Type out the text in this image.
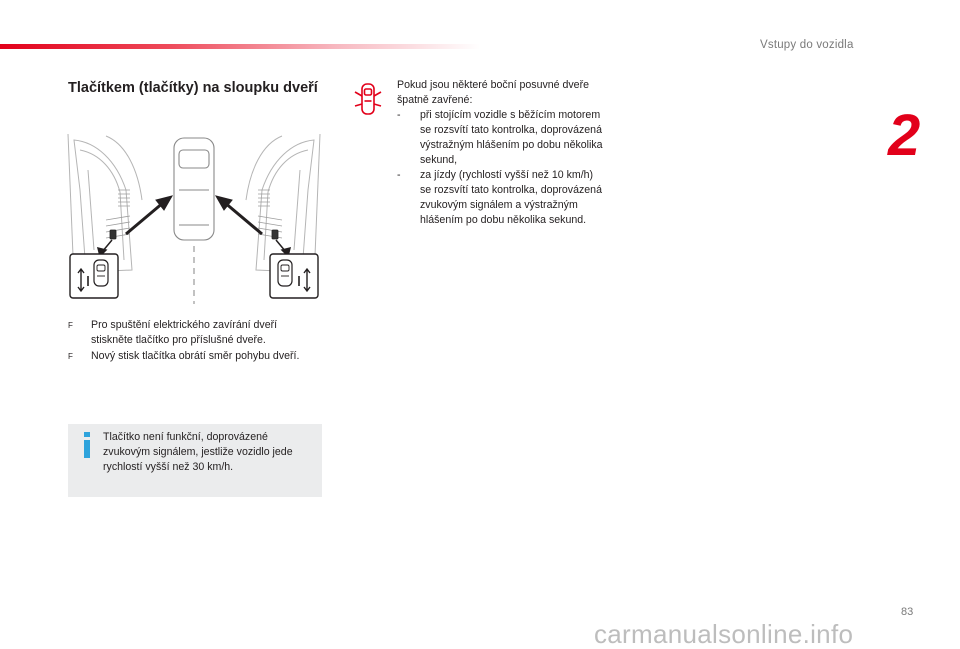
Vstupy do vozidla
2
Tlačítkem (tlačítky) na sloupku dveří
F Pro spuštění elektrického zavírání dveří stiskněte tlačítko pro příslušné dveře.
F Nový stisk tlačítka obrátí směr pohybu dveří.
Tlačítko není funkční, doprovázené zvukovým signálem, jestliže vozidlo jede rychlostí vyšší než 30 km/h.
Pokud jsou některé boční posuvné dveře špatně zavřené:
- při stojícím vozidle s běžícím motorem se rozsvítí tato kontrolka, doprovázená výstražným hlášením po dobu několika sekund,
- za jízdy (rychlostí vyšší než 10 km/h) se rozsvítí tato kontrolka, doprovázená zvukovým signálem a výstražným hlášením po dobu několika sekund.
83
carmanualsonline.info
